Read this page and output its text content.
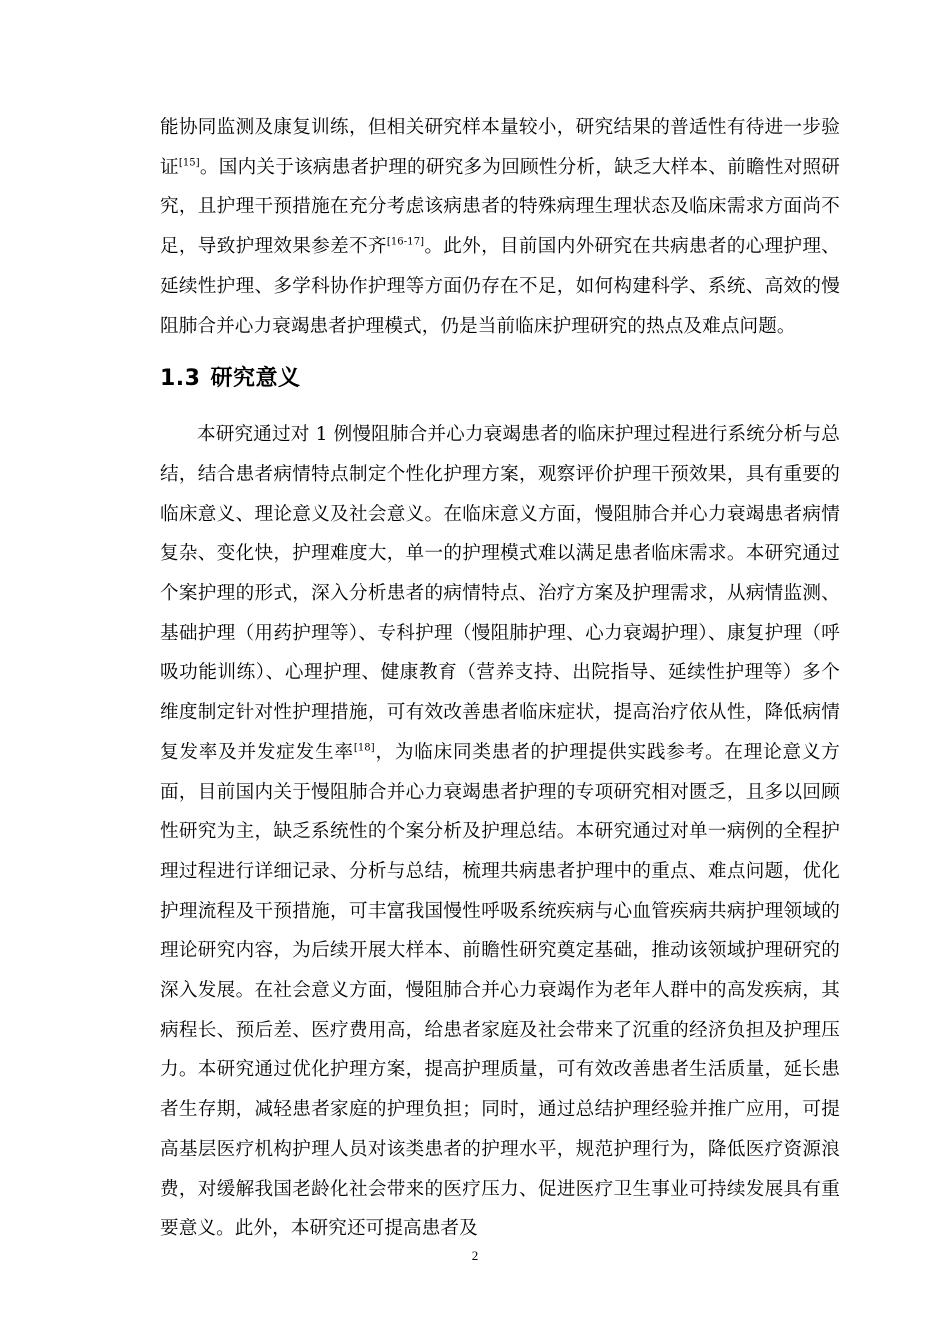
能协同监测及康复训练，但相关研究样本量较小，研究结果的普适性有待进一步验证[15]。国内关于该病患者护理的研究多为回顾性分析，缺乏大样本、前瞻性对照研究，且护理干预措施在充分考虑该病患者的特殊病理生理状态及临床需求方面尚不足，导致护理效果参差不齐[16-17]。此外，目前国内外研究在共病患者的心理护理、延续性护理、多学科协作护理等方面仍存在不足，如何构建科学、系统、高效的慢阻肺合并心力衰竭患者护理模式，仍是当前临床护理研究的热点及难点问题。

1.3 研究意义

本研究通过对 1 例慢阻肺合并心力衰竭患者的临床护理过程进行系统分析与总结，结合患者病情特点制定个性化护理方案，观察评价护理干预效果，具有重要的临床意义、理论意义及社会意义。在临床意义方面，慢阻肺合并心力衰竭患者病情复杂、变化快，护理难度大，单一的护理模式难以满足患者临床需求。本研究通过个案护理的形式，深入分析患者的病情特点、治疗方案及护理需求，从病情监测、基础护理（用药护理等）、专科护理（慢阻肺护理、心力衰竭护理）、康复护理（呼吸功能训练）、心理护理、健康教育（营养支持、出院指导、延续性护理等）多个维度制定针对性护理措施，可有效改善患者临床症状，提高治疗依从性，降低病情复发率及并发症发生率[18]，为临床同类患者的护理提供实践参考。在理论意义方面，目前国内关于慢阻肺合并心力衰竭患者护理的专项研究相对匮乏，且多以回顾性研究为主，缺乏系统性的个案分析及护理总结。本研究通过对单一病例的全程护理过程进行详细记录、分析与总结，梳理共病患者护理中的重点、难点问题，优化护理流程及干预措施，可丰富我国慢性呼吸系统疾病与心血管疾病共病护理领域的理论研究内容，为后续开展大样本、前瞻性研究奠定基础，推动该领域护理研究的深入发展。在社会意义方面，慢阻肺合并心力衰竭作为老年人群中的高发疾病，其病程长、预后差、医疗费用高，给患者家庭及社会带来了沉重的经济负担及护理压力。本研究通过优化护理方案，提高护理质量，可有效改善患者生活质量，延长患者生存期，减轻患者家庭的护理负担；同时，通过总结护理经验并推广应用，可提高基层医疗机构护理人员对该类患者的护理水平，规范护理行为，降低医疗资源浪费，对缓解我国老龄化社会带来的医疗压力、促进医疗卫生事业可持续发展具有重要意义。此外，本研究还可提高患者及

2
